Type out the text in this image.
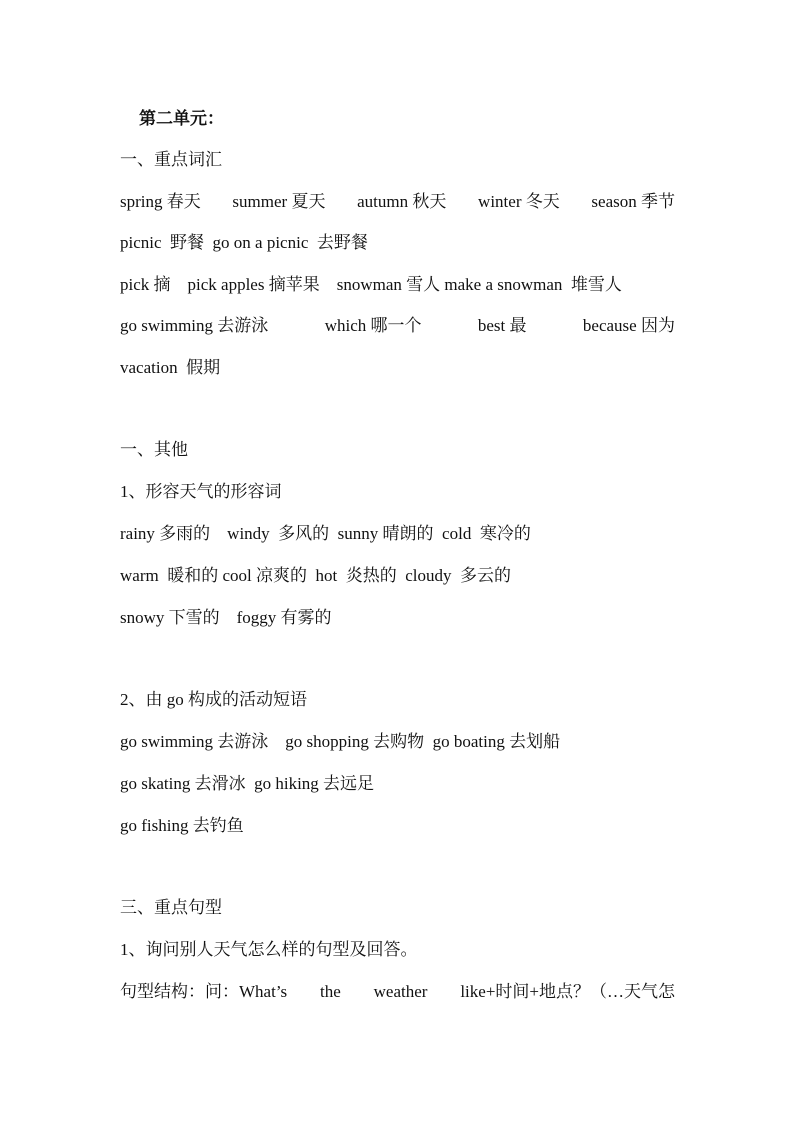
第二单元：
一、重点词汇
spring 春天 summer 夏天 autumn 秋天 winter 冬天 season 季节
picnic  野餐  go on a picnic  去野餐
pick 摘    pick apples 摘苹果    snowman 雪人 make a snowman  堆雪人
go swimming 去游泳	which 哪一个	best 最	because 因为
vacation  假期
一、其他
1、形容天气的形容词
rainy 多雨的    windy  多风的  sunny 晴朗的  cold  寒冷的
warm  暖和的 cool 凉爽的  hot  炎热的  cloudy  多云的
snowy 下雪的    foggy 有雾的
2、由 go 构成的活动短语
go swimming 去游泳    go shopping 去购物  go boating 去划船
go skating 去滑冰  go hiking 去远足
go fishing 去钓鱼
三、重点句型
1、询问别人天气怎么样的句型及回答。
句型结构：问：What’s the weather like+时间+地点？（…天气怎
